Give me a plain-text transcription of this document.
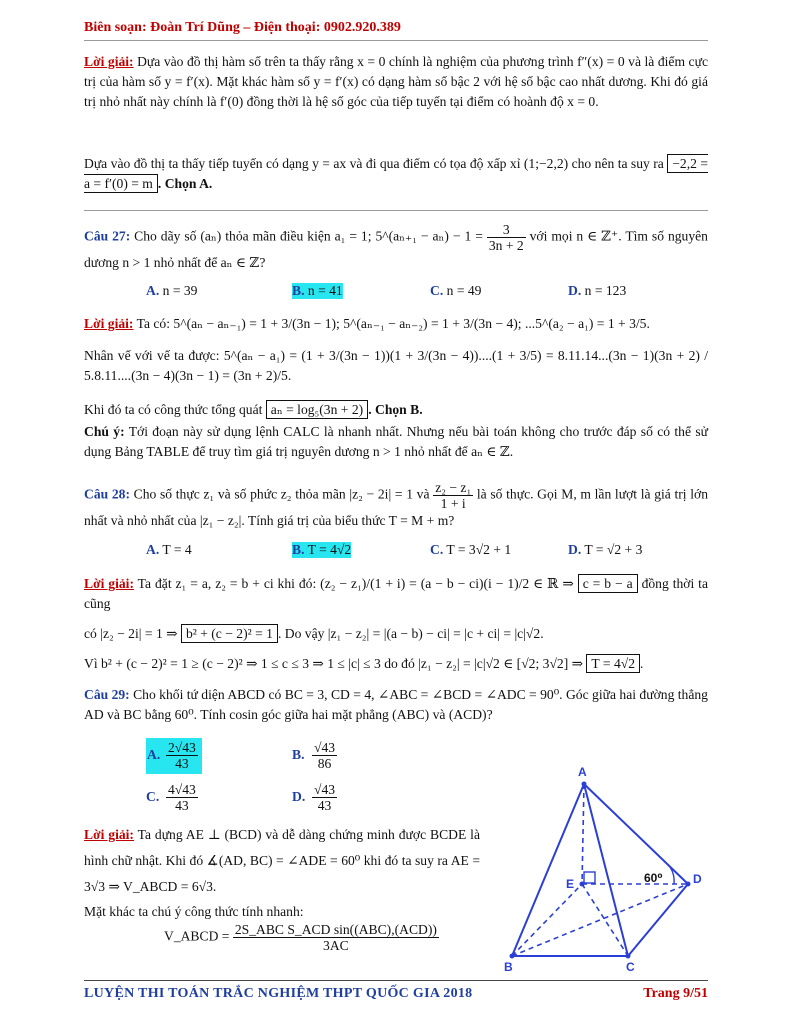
Biên soạn: Đoàn Trí Dũng – Điện thoại: 0902.920.389
Lời giải: Dựa vào đồ thị hàm số trên ta thấy rằng x = 0 chính là nghiệm của phương trình f″(x) = 0 và là điểm cực trị của hàm số y = f′(x). Mặt khác hàm số y = f′(x) có dạng hàm số bậc 2 với hệ số bậc cao nhất dương. Khi đó giá trị nhỏ nhất này chính là f′(0) đồng thời là hệ số góc của tiếp tuyến tại điểm có hoành độ x = 0.
Dựa vào đồ thị ta thấy tiếp tuyến có dạng y = ax và đi qua điểm có tọa độ xấp xỉ (1;−2,2) cho nên ta suy ra −2,2 = a = f′(0) = m . Chọn A.
Câu 27: Cho dãy số (aₙ) thỏa mãn điều kiện a₁ = 1; 5^(aₙ₊₁ − $a_n) - 1 = \frac{3}{3n + 2}$ với mọi n ∈ ℤ⁺. Tìm số nguyên dương n > 1 nhỏ nhất để aₙ ∈ ℤ?
A. n = 39	B. n = 41	C. n = 49	D. n = 123
Lời giải: Ta có: 5^(aₙ − aₙ₋₁) = 1 + 3/(3n − 1); 5^(aₙ₋₁ − aₙ₋₂) = 1 + 3/(3n − 4); ...5^(a₂ − a₁) = 1 + 3/5.
Nhân vế với vế ta được: 5^(aₙ − a₁) = (1 + 3/(3n − 1))(1 + 3/(3n − 4))....(1 + 3/5) = 8.11.14...(3n − 1)(3n + 2) / 5.8.11....(3n − 4)(3n − 1) = (3n + 2)/5.
Khi đó ta có công thức tổng quát aₙ = log₅(3n + 2) . Chọn B.
Chú ý: Tới đoạn này sử dụng lệnh CALC là nhanh nhất. Nhưng nếu bài toán không cho trước đáp số có thể sử dụng Bảng TABLE để truy tìm giá trị nguyên dương n > 1 nhỏ nhất để aₙ ∈ ℤ.
Câu 28: Cho số thực z₁ và số phức z₂ thỏa mãn |z₂ − 2i| = 1 và $\frac{\text{z₂ − z₁}}{1 + i}$ là số thực. Gọi M, m lần lượt là giá trị lớn nhất và nhỏ nhất của |z₁ − z₂|. Tính giá trị của biểu thức T = M + m?
A. T = 4	B. T = 4√2	C. T = 3√2 + 1	D. T = √2 + 3
Lời giải: Ta đặt z₁ = a, z₂ = b + ci khi đó: (z₂ − z₁)/(1 + i) = (a − b − ci)(i − 1)/2 ∈ ℝ ⇒ c = b − a đồng thời ta cũng
có |z₂ − 2i| = 1 ⇒ b² + (c − 2)² = 1 . Do vậy |z₁ − z₂| = |(a − b) − ci| = |c + ci| = |c|√2.
Vì b² + (c − 2)² = 1 ≥ (c − 2)² ⇒ 1 ≤ c ≤ 3 ⇒ 1 ≤ |c| ≤ 3 do đó |z₁ − z₂| = |c|√2 ∈ [√2; 3√2] ⇒ T = 4√2 .
Câu 29: Cho khối tứ diện ABCD có BC = 3, CD = 4, ∠ABC = ∠BCD = ∠ADC = 90⁰. Góc giữa hai đường thẳng AD và BC bằng 60⁰. Tính cosin góc giữa hai mặt phẳng (ABC) và (ACD)?
A. $\frac{2√43}{43}$	B. $\frac{√43}{86}$
C. $\frac{4√43}{43}$	D. $\frac{√43}{43}$
Lời giải: Ta dựng AE ⊥ (BCD) và dễ dàng chứng minh được BCDE là hình chữ nhật. Khi đó ∡(AD, BC) = ∠ADE = 60⁰ khi đó ta suy ra AE = 3√3 ⇒ V_ABCD = 6√3.
Mặt khác ta chú ý công thức tính nhanh:
V_ABCD = $\frac{\text{2S\_ABC S\_ACD sin((ABC),(ACD))}}{3AC}$
A
B	C
D
E	60⁰
LUYỆN THI TOÁN TRẮC NGHIỆM THPT QUỐC GIA 2018	Trang 9/51
